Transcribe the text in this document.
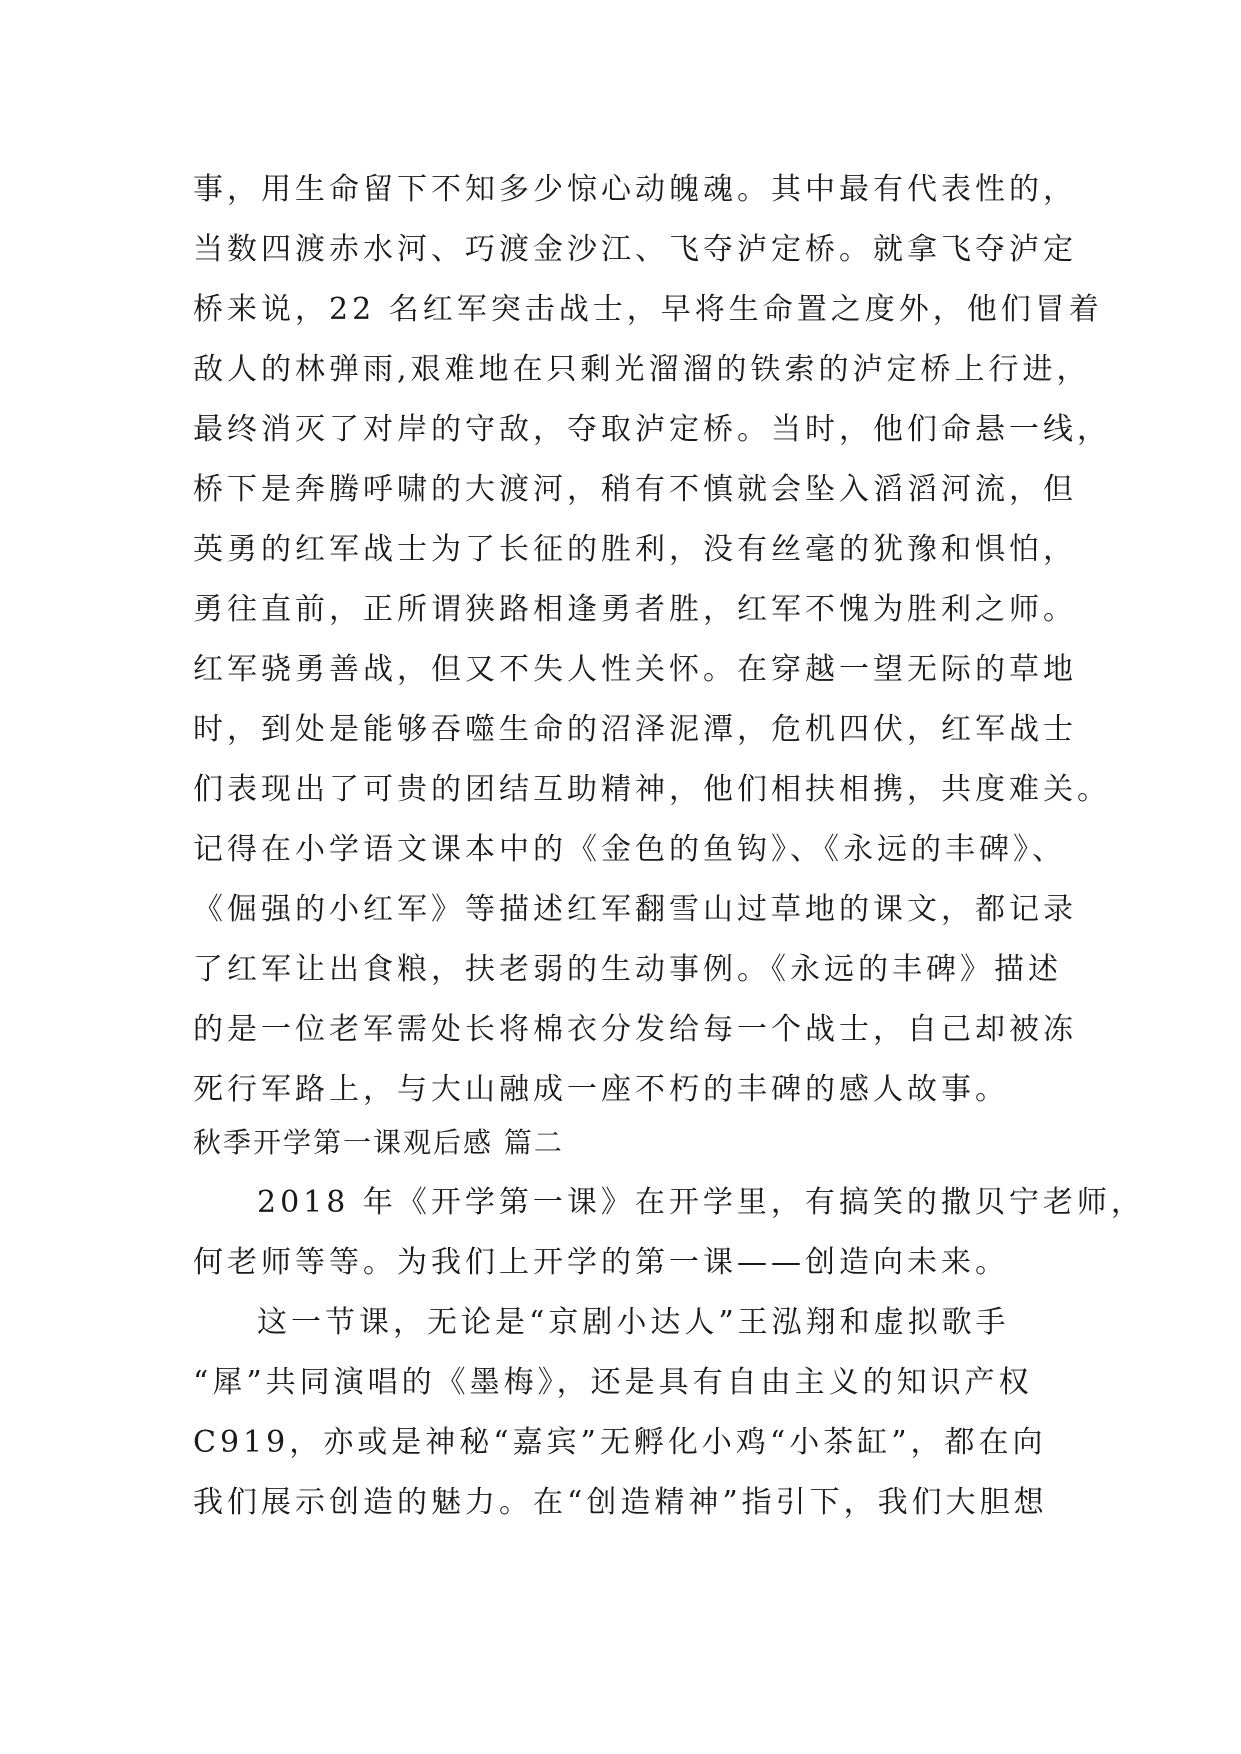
事，用生命留下不知多少惊心动魄魂。其中最有代表性的，
当数四渡赤水河、巧渡金沙江、飞夺泸定桥。就拿飞夺泸定
桥来说，22 名红军突击战士，早将生命置之度外，他们冒着
敌人的林弹雨,艰难地在只剩光溜溜的铁索的泸定桥上行进，
最终消灭了对岸的守敌，夺取泸定桥。当时，他们命悬一线，
桥下是奔腾呼啸的大渡河，稍有不慎就会坠入滔滔河流，但
英勇的红军战士为了长征的胜利，没有丝毫的犹豫和惧怕，
勇往直前，正所谓狭路相逢勇者胜，红军不愧为胜利之师。
红军骁勇善战，但又不失人性关怀。在穿越一望无际的草地
时，到处是能够吞噬生命的沼泽泥潭，危机四伏，红军战士
们表现出了可贵的团结互助精神，他们相扶相携，共度难关。
记得在小学语文课本中的《金色的鱼钩》、《永远的丰碑》、
《倔强的小红军》等描述红军翻雪山过草地的课文，都记录
了红军让出食粮，扶老弱的生动事例。《永远的丰碑》描述
的是一位老军需处长将棉衣分发给每一个战士，自己却被冻
死行军路上，与大山融成一座不朽的丰碑的感人故事。
秋季开学第一课观后感 篇二
2018 年《开学第一课》在开学里，有搞笑的撒贝宁老师，
何老师等等。为我们上开学的第一课——创造向未来。
这一节课，无论是“京剧小达人”王泓翔和虚拟歌手
“犀”共同演唱的《墨梅》，还是具有自由主义的知识产权
C919，亦或是神秘“嘉宾”无孵化小鸡“小茶缸”，都在向
我们展示创造的魅力。在“创造精神”指引下，我们大胆想
